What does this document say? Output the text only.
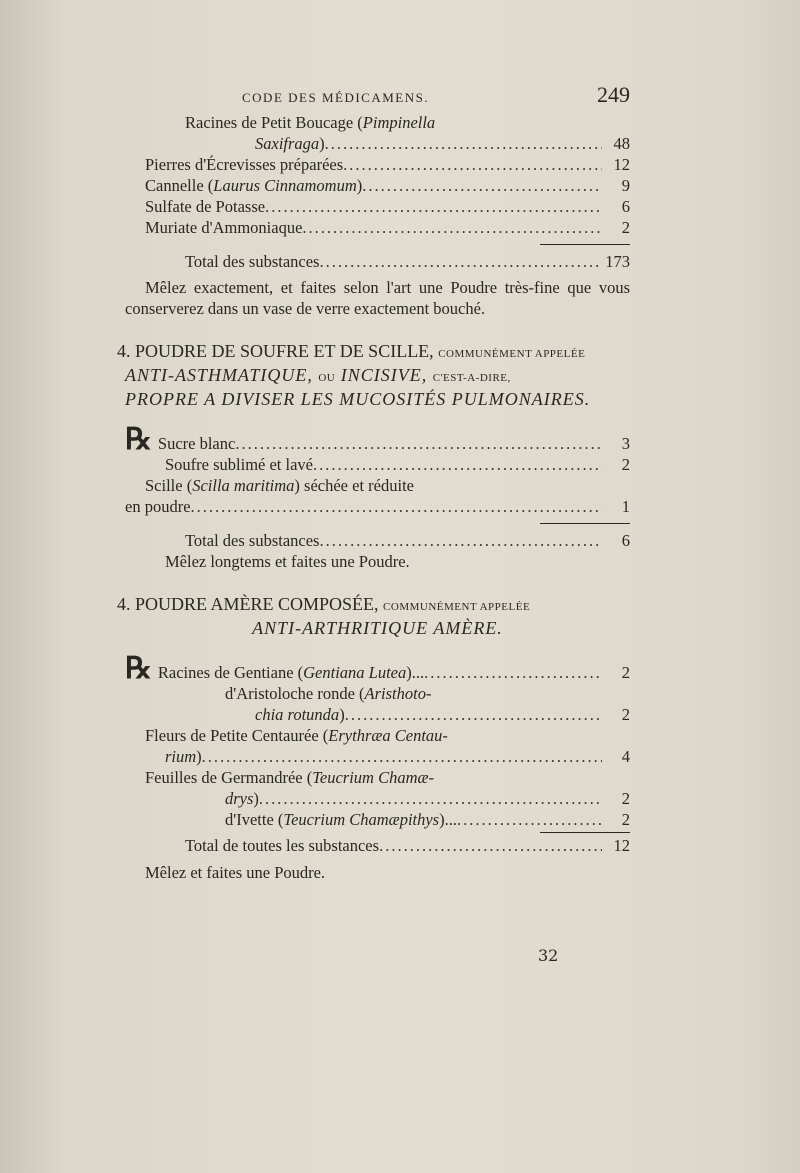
CODE DES MÉDICAMENS.	249
Racines de Petit Boucage ( Pimpinella
Saxifraga) .....	48
Pierres d'Écrevisses préparées .....	12
Cannelle (Laurus Cinnamomum) .....	9
Sulfate de Potasse .....	6
Muriate d'Ammoniaque .....	2
Total des substances .....	173
Mêlez exactement, et faites selon l'art une Poudre très-fine que vous conserverez dans un vase de verre exactement bouché.
4. POUDRE DE SOUFRE ET DE SCILLE, COMMUNÉMENT APPELÉE
ANTI-ASTHMATIQUE, OU INCISIVE, C'EST-A-DIRE,
PROPRE A DIVISER LES MUCOSITÉS PULMONAIRES.
℞ Sucre blanc .....	3
Soufre sublimé et lavé .....	2
Scille (Scilla maritima) séchée et réduite
en poudre .....	1
Total des substances .....	6
Mêlez longtems et faites une Poudre.
4. POUDRE AMÈRE COMPOSÉE, COMMUNÉMENT APPELÉE
ANTI-ARTHRITIQUE AMÈRE.
℞ Racines de Gentiane (Gentiana Lutea)... .....	2
d'Aristoloche ronde (Aristhoto-
chia rotunda) .....	2
Fleurs de Petite Centaurée (Erythræa Centau-
rium) .....	4
Feuilles de Germandrée (Teucrium Chamæ-
drys) .....	2
d'Ivette (Teucrium Chamæpithys)... .....	2
Total de toutes les substances .....	12
Mêlez et faites une Poudre.
32
